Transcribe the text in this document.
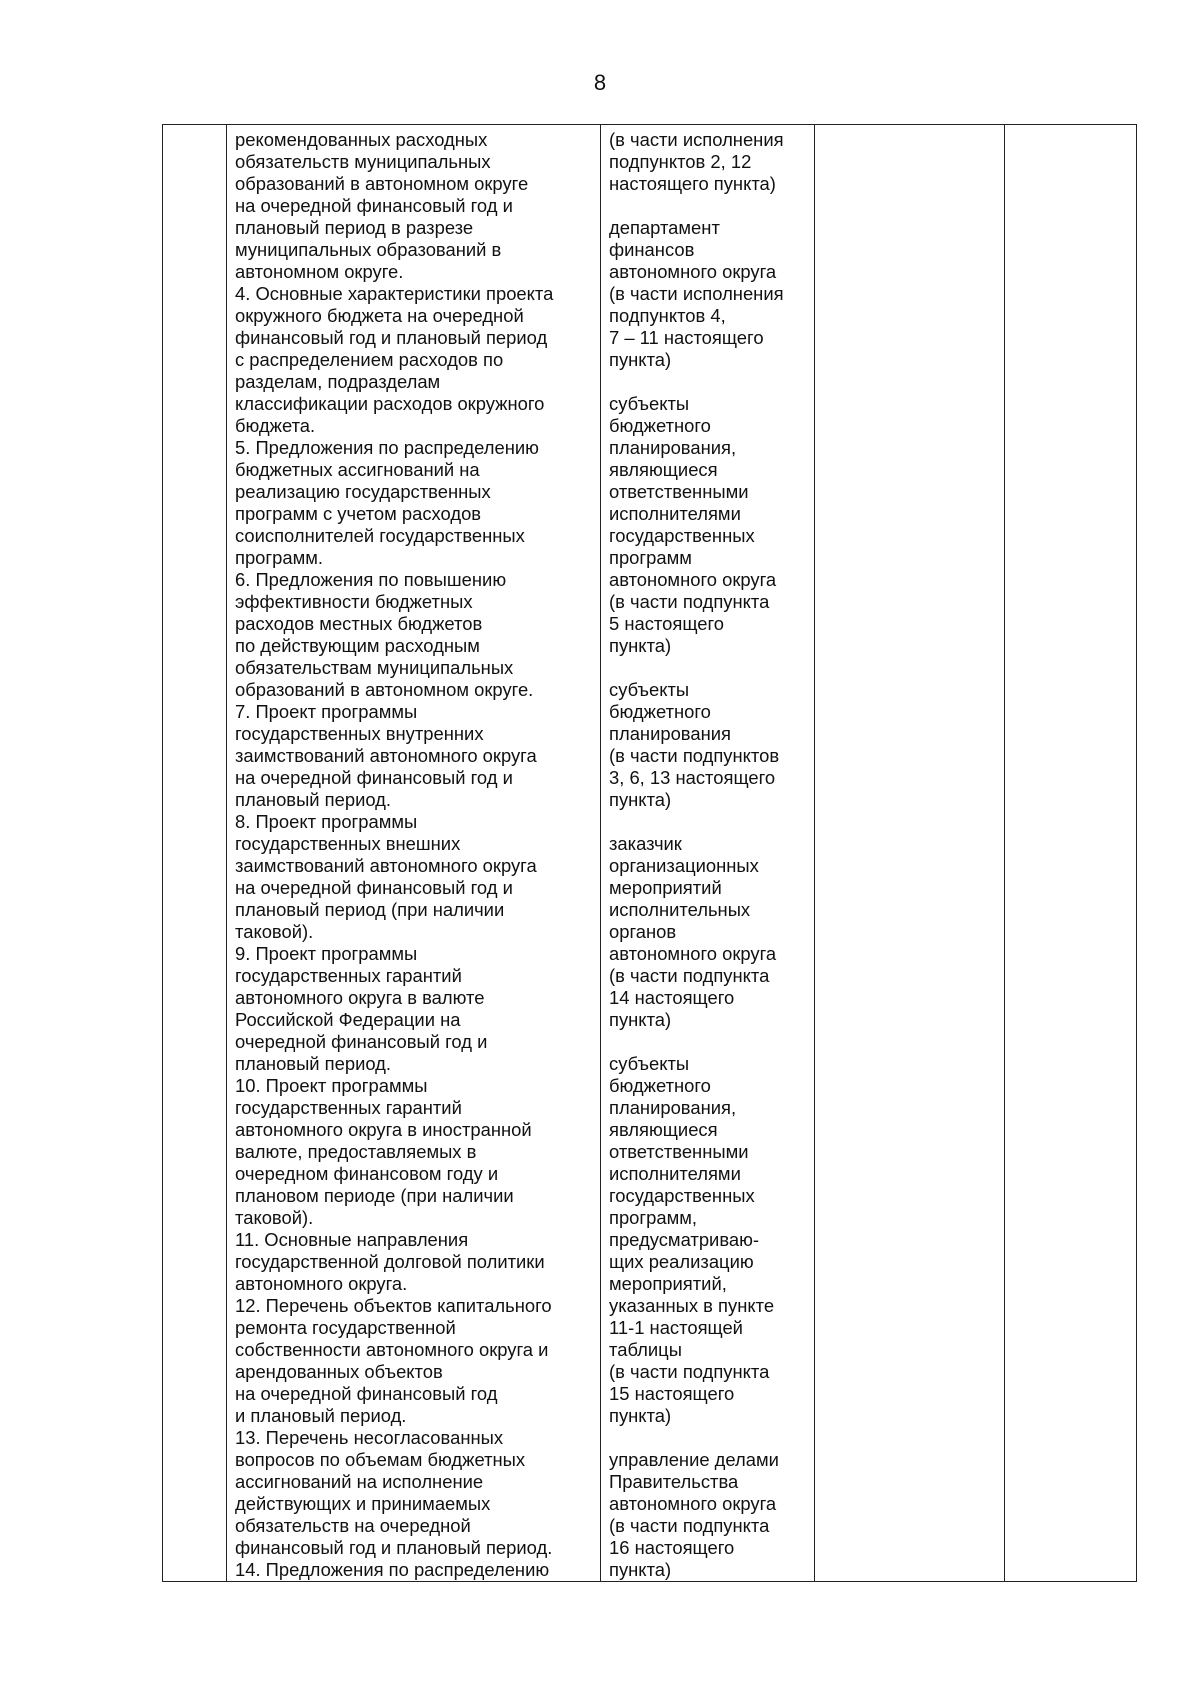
8
	рекомендованных расходных
обязательств муниципальных
образований в автономном округе
на очередной финансовый год и
плановый период в разрезе
муниципальных образований в
автономном округе.
4. Основные характеристики проекта
окружного бюджета на очередной
финансовый год и плановый период
с распределением расходов по
разделам, подразделам
классификации расходов окружного
бюджета.
5. Предложения по распределению
бюджетных ассигнований на
реализацию государственных
программ с учетом расходов
соисполнителей государственных
программ.
6. Предложения по повышению
эффективности бюджетных
расходов местных бюджетов
по действующим расходным
обязательствам муниципальных
образований в автономном округе.
7. Проект программы
государственных внутренних
заимствований автономного округа
на очередной финансовый год и
плановый период.
8. Проект программы
государственных внешних
заимствований автономного округа
на очередной финансовый год и
плановый период (при наличии
таковой).
9. Проект программы
государственных гарантий
автономного округа в валюте
Российской Федерации на
очередной финансовый год и
плановый период.
10. Проект программы
государственных гарантий
автономного округа в иностранной
валюте, предоставляемых в
очередном финансовом году и
плановом периоде (при наличии
таковой).
11. Основные направления
государственной долговой политики
автономного округа.
12. Перечень объектов капитального
ремонта государственной
собственности автономного округа и
арендованных объектов
на очередной финансовый год
и плановый период.
13. Перечень несогласованных
вопросов по объемам бюджетных
ассигнований на исполнение
действующих и принимаемых
обязательств на очередной
финансовый год и плановый период.
14. Предложения по распределению	(в части исполнения
подпунктов 2, 12
настоящего пункта)

департамент
финансов
автономного округа
(в части исполнения
подпунктов 4,
7 – 11 настоящего
пункта)

субъекты
бюджетного
планирования,
являющиеся
ответственными
исполнителями
государственных
программ
автономного округа
(в части подпункта
5 настоящего
пункта)

субъекты
бюджетного
планирования
(в части подпунктов
3, 6, 13 настоящего
пункта)

заказчик
организационных
мероприятий
исполнительных
органов
автономного округа
(в части подпункта
14 настоящего
пункта)

субъекты
бюджетного
планирования,
являющиеся
ответственными
исполнителями
государственных
программ,
предусматриваю-
щих реализацию
мероприятий,
указанных в пункте
11-1 настоящей
таблицы
(в части подпункта
15 настоящего
пункта)

управление делами
Правительства
автономного округа
(в части подпункта
16 настоящего
пункта)		
